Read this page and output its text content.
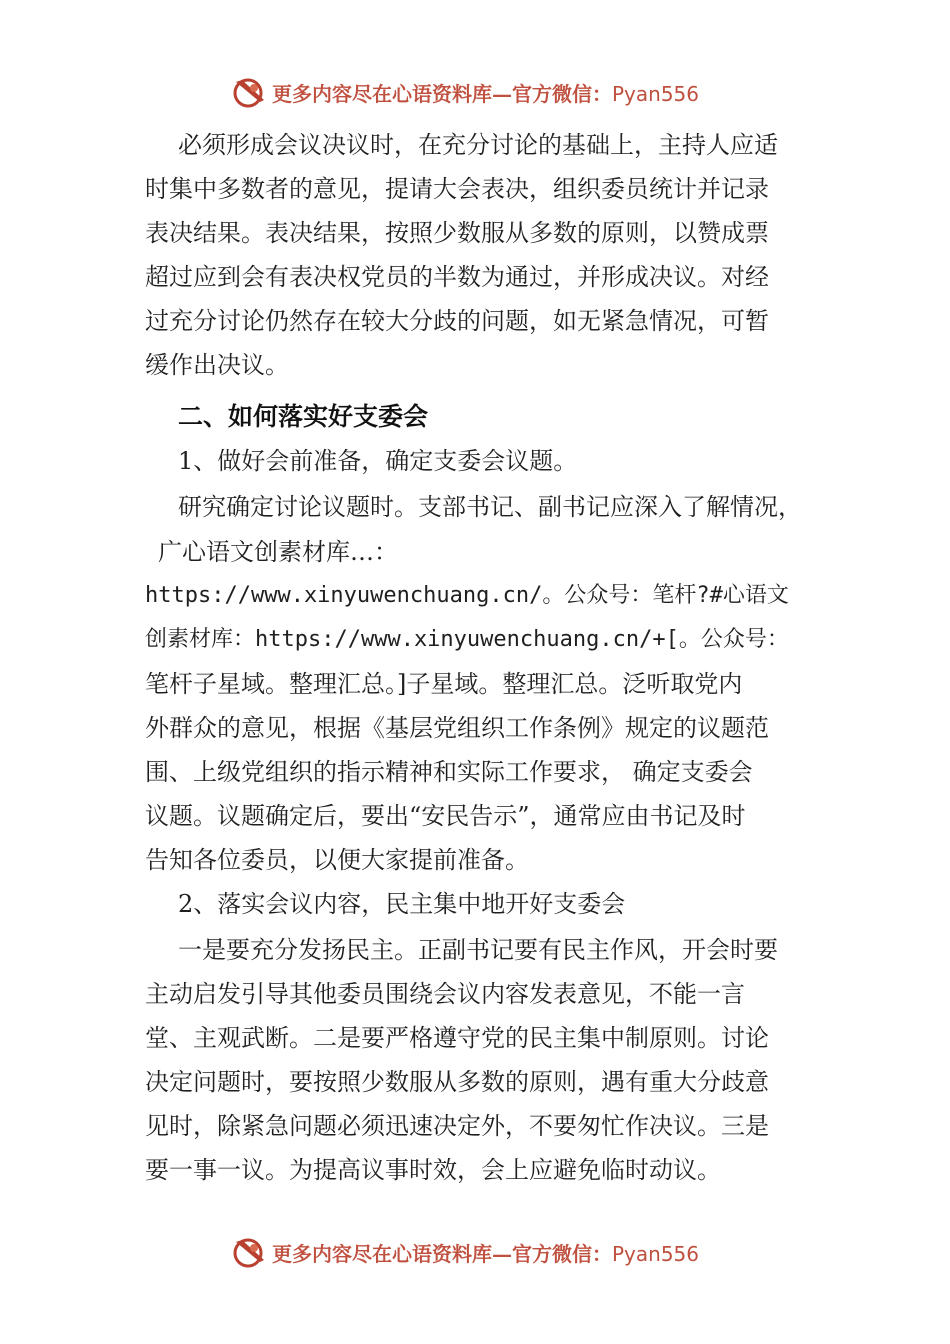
更多内容尽在心语资料库—官方微信：Pyan556
必须形成会议决议时，在充分讨论的基础上，主持人应适
时集中多数者的意见，提请大会表决，组织委员统计并记录
表决结果。表决结果，按照少数服从多数的原则，以赞成票
超过应到会有表决权党员的半数为通过，并形成决议。对经
过充分讨论仍然存在较大分歧的问题，如无紧急情况，可暂
缓作出决议。
二、如何落实好支委会
1、做好会前准备，确定支委会议题。
研究确定讨论议题时。支部书记、副书记应深入了解情况，
广心语文创素材库…：
https://www.xinyuwenchuang.cn/。公众号：笔杆?#心语文
创素材库：https://www.xinyuwenchuang.cn/+[。公众号：
笔杆子星域。整理汇总。]子星域。整理汇总。泛听取党内
外群众的意见，根据《基层党组织工作条例》规定的议题范
围、上级党组织的指示精神和实际工作要求， 确定支委会
议题。议题确定后，要出“安民告示”，通常应由书记及时
告知各位委员，以便大家提前准备。
2、落实会议内容，民主集中地开好支委会
一是要充分发扬民主。正副书记要有民主作风，开会时要
主动启发引导其他委员围绕会议内容发表意见，不能一言
堂、主观武断。二是要严格遵守党的民主集中制原则。讨论
决定问题时，要按照少数服从多数的原则，遇有重大分歧意
见时，除紧急问题必须迅速决定外，不要匆忙作决议。三是
要一事一议。为提高议事时效，会上应避免临时动议。
更多内容尽在心语资料库—官方微信：Pyan556
